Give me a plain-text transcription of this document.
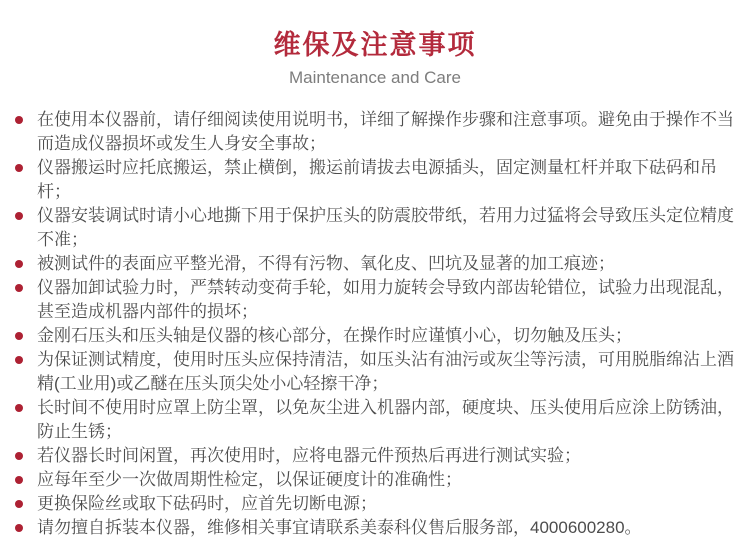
维保及注意事项
Maintenance and Care
在使用本仪器前，请仔细阅读使用说明书，详细了解操作步骤和注意事项。避免由于操作不当而造成仪器损坏或发生人身安全事故；
仪器搬运时应托底搬运，禁止横倒，搬运前请拔去电源插头，固定测量杠杆并取下砝码和吊杆；
仪器安装调试时请小心地撕下用于保护压头的防震胶带纸，若用力过猛将会导致压头定位精度不准；
被测试件的表面应平整光滑，不得有污物、氧化皮、凹坑及显著的加工痕迹；
仪器加卸试验力时，严禁转动变荷手轮，如用力旋转会导致内部齿轮错位，试验力出现混乱，甚至造成机器内部件的损坏；
金刚石压头和压头轴是仪器的核心部分，在操作时应谨慎小心，切勿触及压头；
为保证测试精度，使用时压头应保持清洁，如压头沾有油污或灰尘等污渍，可用脱脂绵沾上酒精(工业用)或乙醚在压头顶尖处小心轻擦干净；
长时间不使用时应罩上防尘罩，以免灰尘进入机器内部，硬度块、压头使用后应涂上防锈油，防止生锈；
若仪器长时间闲置，再次使用时，应将电器元件预热后再进行测试实验；
应每年至少一次做周期性检定，以保证硬度计的准确性；
更换保险丝或取下砝码时，应首先切断电源；
请勿擅自拆装本仪器，维修相关事宜请联系美泰科仪售后服务部，4000600280。
